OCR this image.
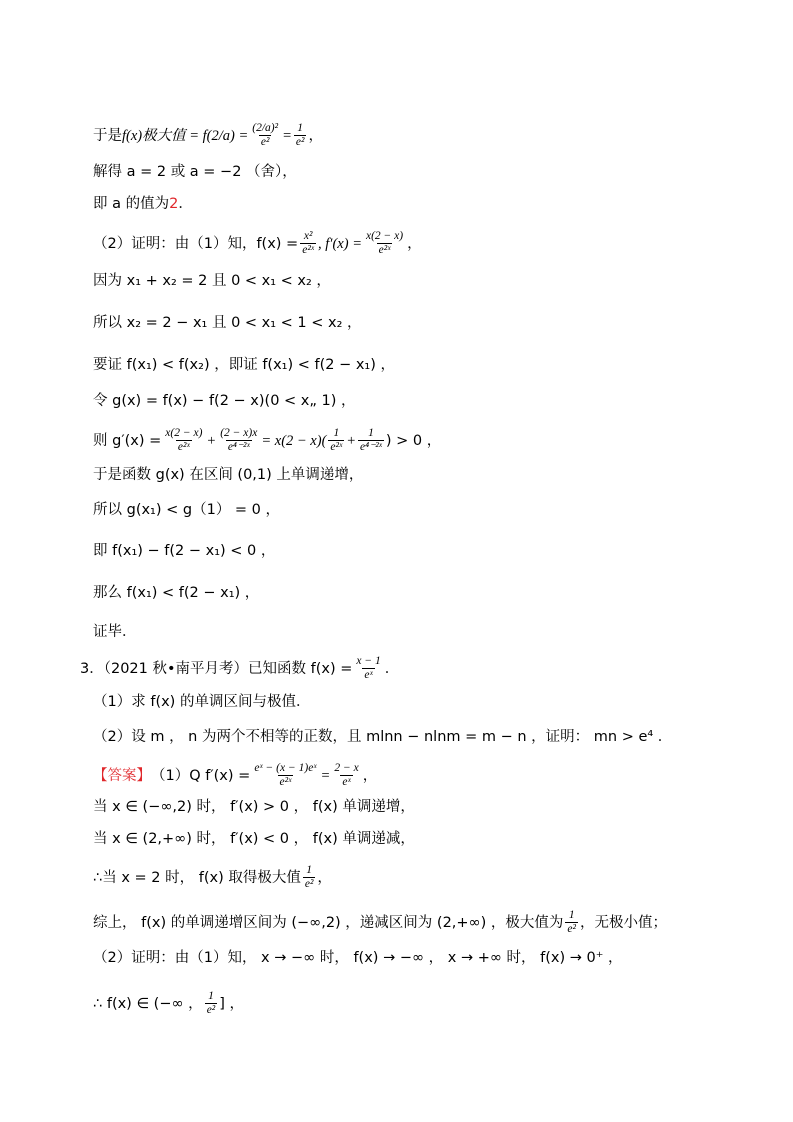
于是 f(x)极大值 = $f(2/a) = \frac{\text{(2/a)²}}{\text{e²}} = \frac{1}{\text{e²}}$ ，
解得 a = 2 或 a = −2 （舍），
即 a 的值为 2 ．
（2）证明：由（1）知，$f(x) = \frac{\text{x²}}{\text{e²ˣ}}$ , $f'(x) = \frac{x(2 - x)}{\text{e²ˣ}}$ ，
因为 x₁ + x₂ = 2 且 0 < x₁ < x₂ ，
所以 x₂ = 2 − x₁ 且 0 < x₁ < 1 < x₂ ，
要证 f(x₁) < f(x₂) ，即证 f(x₁) < f(2 − x₁) ，
令 g(x) = f(x) − f(2 − x)(0 < x„ 1) ，
则 $g'(x) = \frac{x(2 - x)}{\text{e²ˣ}} + \frac{(2 - x)x}{\text{e⁴⁻²ˣ}} = x(2 - x)( \frac{1}{\text{e²ˣ}} + \frac{1}{\text{e⁴⁻²ˣ}}$ ) > 0 ，
于是函数 g(x) 在区间 (0,1) 上单调递增，
所以 g(x₁) < g（1） = 0 ，
即 f(x₁) − f(2 − x₁) < 0 ，
那么 f(x₁) < f(2 − x₁) ，
证毕．
3．（2021 秋•南平月考）已知函数 $f(x) = \frac{x - 1}{\text{eˣ}}$ ．
（1）求 f(x) 的单调区间与极值．
（2）设 m ， n 为两个不相等的正数，且 mlnn − nlnm = m − n ，证明： mn > e⁴ ．
【答案】 （1）Q $f'(x) = \frac{\text{eˣ − (x − 1)eˣ}}{\text{e²ˣ}} = \frac{2 - x}{\text{eˣ}}$ ，
当 x ∈ (−∞,2) 时， f′(x) > 0 ， f(x) 单调递增，
当 x ∈ (2,+∞) 时， f′(x) < 0 ， f(x) 单调递减，
∴当 x = 2 时， f(x) 取得极大值 $\frac{1}{\text{e²}}$ ，
综上， f(x) 的单调递增区间为 (−∞,2) ，递减区间为 (2,+∞) ，极大值为 $\frac{1}{\text{e²}}$ ，无极小值；
（2）证明：由（1）知， x → −∞ 时， f(x) → −∞ ， x → +∞ 时， f(x) → 0⁺ ，
∴ f(x) ∈ (−∞ ， $\frac{1}{\text{e²}}$ ] ，
